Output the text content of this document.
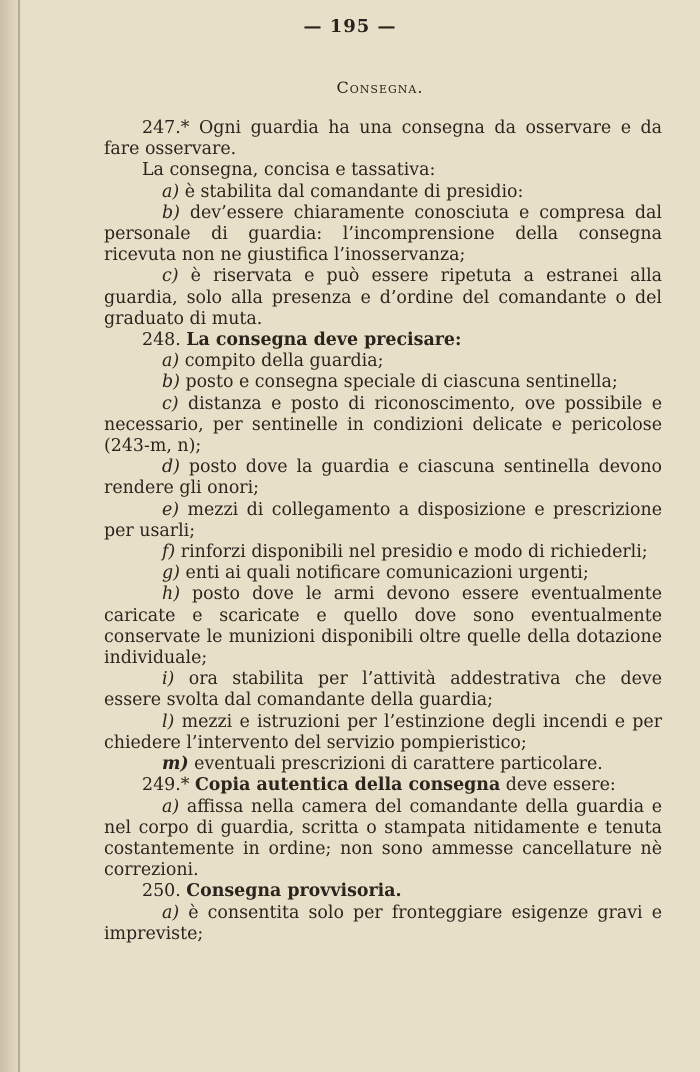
— 195 —
Consegna.

247.* Ogni guardia ha una consegna da osservare e da fare osservare.

La consegna, concisa e tassativa:

a) è stabilita dal comandante di presidio:

b) dev’essere chiaramente conosciuta e compresa dal personale di guardia: l’incomprensione della consegna ricevuta non ne giustifica l’inosservanza;

c) è riservata e può essere ripetuta a estranei alla guardia, solo alla presenza e d’ordine del comandante o del graduato di muta.

248. La consegna deve precisare:

a) compito della guardia;

b) posto e consegna speciale di ciascuna sentinella;

c) distanza e posto di riconoscimento, ove possibile e necessario, per sentinelle in condizioni delicate e pericolose (243-m, n);

d) posto dove la guardia e ciascuna sentinella devono rendere gli onori;

e) mezzi di collegamento a disposizione e prescrizione per usarli;

f) rinforzi disponibili nel presidio e modo di richiederli;

g) enti ai quali notificare comunicazioni urgenti;

h) posto dove le armi devono essere eventualmente caricate e scaricate e quello dove sono eventualmente conservate le munizioni disponibili oltre quelle della dotazione individuale;

i) ora stabilita per l’attività addestrativa che deve essere svolta dal comandante della guardia;

l) mezzi e istruzioni per l’estinzione degli incendi e per chiedere l’intervento del servizio pompieristico;

m) eventuali prescrizioni di carattere particolare.

249.* Copia autentica della consegna deve essere:

a) affissa nella camera del comandante della guardia e nel corpo di guardia, scritta o stampata nitidamente e tenuta costantemente in ordine; non sono ammesse cancellature nè correzioni.

250. Consegna provvisoria.

a) è consentita solo per fronteggiare esigenze gravi e impreviste;
